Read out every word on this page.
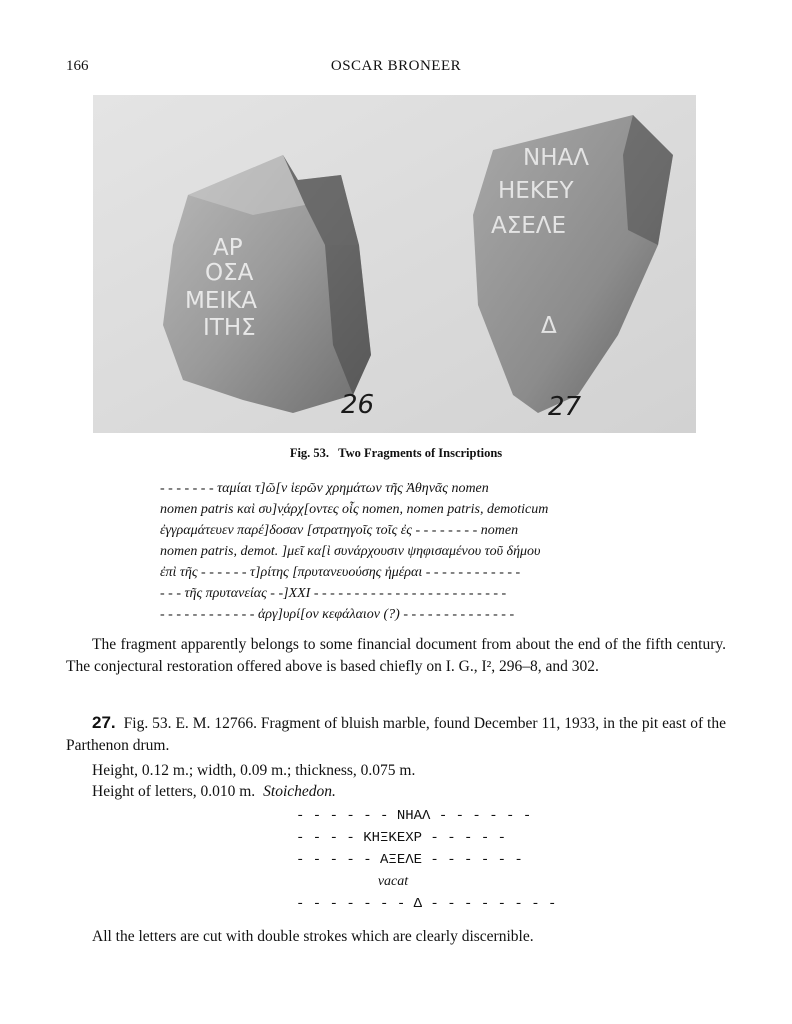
166	OSCAR BRONEER
ΑΡ
ΟΣΑ
ΜΕΙΚΑ
ΙΤΗΣ
26
ΝΗΑΛ
ΗΕΚΕΥ
ΑΣΕΛΕ
Δ
27
Fig. 53. Two Fragments of Inscriptions
- - - - - - - ταμίαι τ]ῶ[ν ἱερῶν χρημάτων τῆς Ἀθηνᾶς nomen
nomen patris καὶ συ]ν̣άρχ[οντες οἷς nomen, nomen patris, demoticum
ἐγγραμάτευεν παρέ]δοσαν [στρατηγοῖς τοῖς ἐς - - - - - - - - nomen
nomen patris, demot. ]μεῖ κα[ὶ συνάρχουσιν ψηφισαμένου τοῦ δήμου
ἐπὶ τῆς - - - - - - τ]ρίτης [πρυτανευούσης ἡμέραι - - - - - - - - - - - -
- - - τῆς πρυτανείας - -]ΧΧΙ - - - - - - - - - - - - - - - - - - - - - - - -
- - - - - - - - - - - - ἀργ]υρί[ον κεφάλαιον (?) - - - - - - - - - - - - - -
The fragment apparently belongs to some financial document from about the end of the fifth century. The conjectural restoration offered above is based chiefly on I. G., I², 296–8, and 302.
27. Fig. 53. E. M. 12766. Fragment of bluish marble, found December 11, 1933, in the pit east of the Parthenon drum.
Height, 0.12 m.; width, 0.09 m.; thickness, 0.075 m.
Height of letters, 0.010 m. Stoichedon.
- - - - - - ΝΗΑΛ - - - - - -
- - - - ΚΗΞΚΕΧΡ - - - - -
- - - - - ΑΞΕΛΕ - - - - - -
vacat
- - - - - - - Δ - - - - - - - -
All the letters are cut with double strokes which are clearly discernible.
